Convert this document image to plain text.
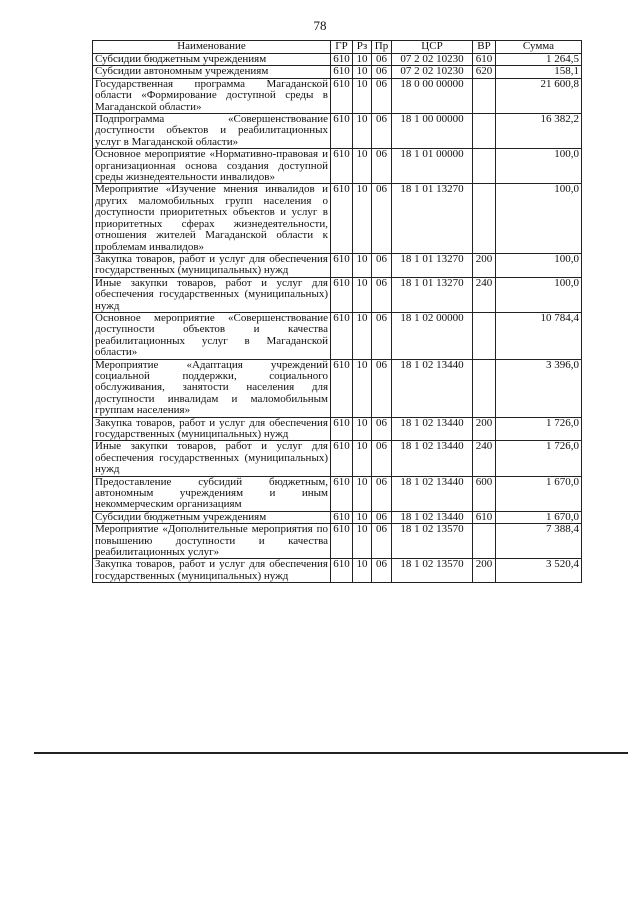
78
Наименование	ГР	Рз	Пр	ЦСР	ВР	Сумма
Субсидии бюджетным учреждениям	610	10	06	07 2 02 10230	610	1 264,5
Субсидии автономным учреждениям	610	10	06	07 2 02 10230	620	158,1
Государственная программа Магаданской области «Формирование доступной среды в Магаданской области»	610	10	06	18 0 00 00000		21 600,8
Подпрограмма «Совершенствование доступности объектов и реабилитационных услуг в Магаданской области»	610	10	06	18 1 00 00000		16 382,2
Основное мероприятие «Нормативно-правовая и организационная основа создания доступной среды жизнедеятельности инвалидов»	610	10	06	18 1 01 00000		100,0
Мероприятие «Изучение мнения инвалидов и других маломобильных групп населения о доступности приоритетных объектов и услуг в приоритетных сферах жизнедеятельности, отношения жителей Магаданской области к проблемам инвалидов»	610	10	06	18 1 01 13270		100,0
Закупка товаров, работ и услуг для обеспечения государственных (муниципальных) нужд	610	10	06	18 1 01 13270	200	100,0
Иные закупки товаров, работ и услуг для обеспечения государственных (муниципальных) нужд	610	10	06	18 1 01 13270	240	100,0
Основное мероприятие «Совершенствование доступности объектов и качества реабилитационных услуг в Магаданской области»	610	10	06	18 1 02 00000		10 784,4
Мероприятие «Адаптация учреждений социальной поддержки, социального обслуживания, занятости населения для доступности инвалидам и маломобильным группам населения»	610	10	06	18 1 02 13440		3 396,0
Закупка товаров, работ и услуг для обеспечения государственных (муниципальных) нужд	610	10	06	18 1 02 13440	200	1 726,0
Иные закупки товаров, работ и услуг для обеспечения государственных (муниципальных) нужд	610	10	06	18 1 02 13440	240	1 726,0
Предоставление субсидий бюджетным, автономным учреждениям и иным некоммерческим организациям	610	10	06	18 1 02 13440	600	1 670,0
Субсидии бюджетным учреждениям	610	10	06	18 1 02 13440	610	1 670,0
Мероприятие «Дополнительные мероприятия по повышению доступности и качества реабилитационных услуг»	610	10	06	18 1 02 13570		7 388,4
Закупка товаров, работ и услуг для обеспечения государственных (муниципальных) нужд	610	10	06	18 1 02 13570	200	3 520,4
